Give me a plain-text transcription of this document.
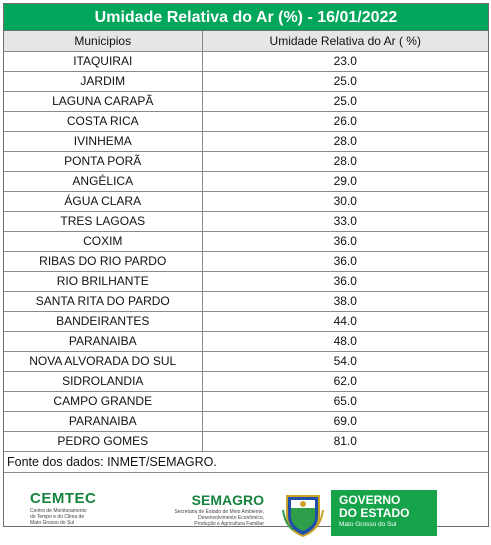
Umidade Relativa do Ar (%) - 16/01/2022
Municipios	Umidade Relativa do Ar ( %)
ITAQUIRAI	23.0
JARDIM	25.0
LAGUNA CARAPÃ	25.0
COSTA RICA	26.0
IVINHEMA	28.0
PONTA PORÃ	28.0
ANGÉLICA	29.0
ÁGUA CLARA	30.0
TRES LAGOAS	33.0
COXIM	36.0
RIBAS DO RIO PARDO	36.0
RIO BRILHANTE	36.0
SANTA RITA DO PARDO	38.0
BANDEIRANTES	44.0
PARANAIBA	48.0
NOVA ALVORADA DO SUL	54.0
SIDROLANDIA	62.0
CAMPO GRANDE	65.0
PARANAIBA	69.0
PEDRO GOMES	81.0
Fonte dos dados: INMET/SEMAGRO.
CEMTEC
Centro de Monitoramento
do Tempo e do Clima de
Mato Grosso do Sul
SEMAGRO
Secretaria de Estado de Meio Ambiente,
Desenvolvimento Econômico,
Produção e Agricultura Familiar
GOVERNO
DO ESTADO
Mato Grosso do Sul
